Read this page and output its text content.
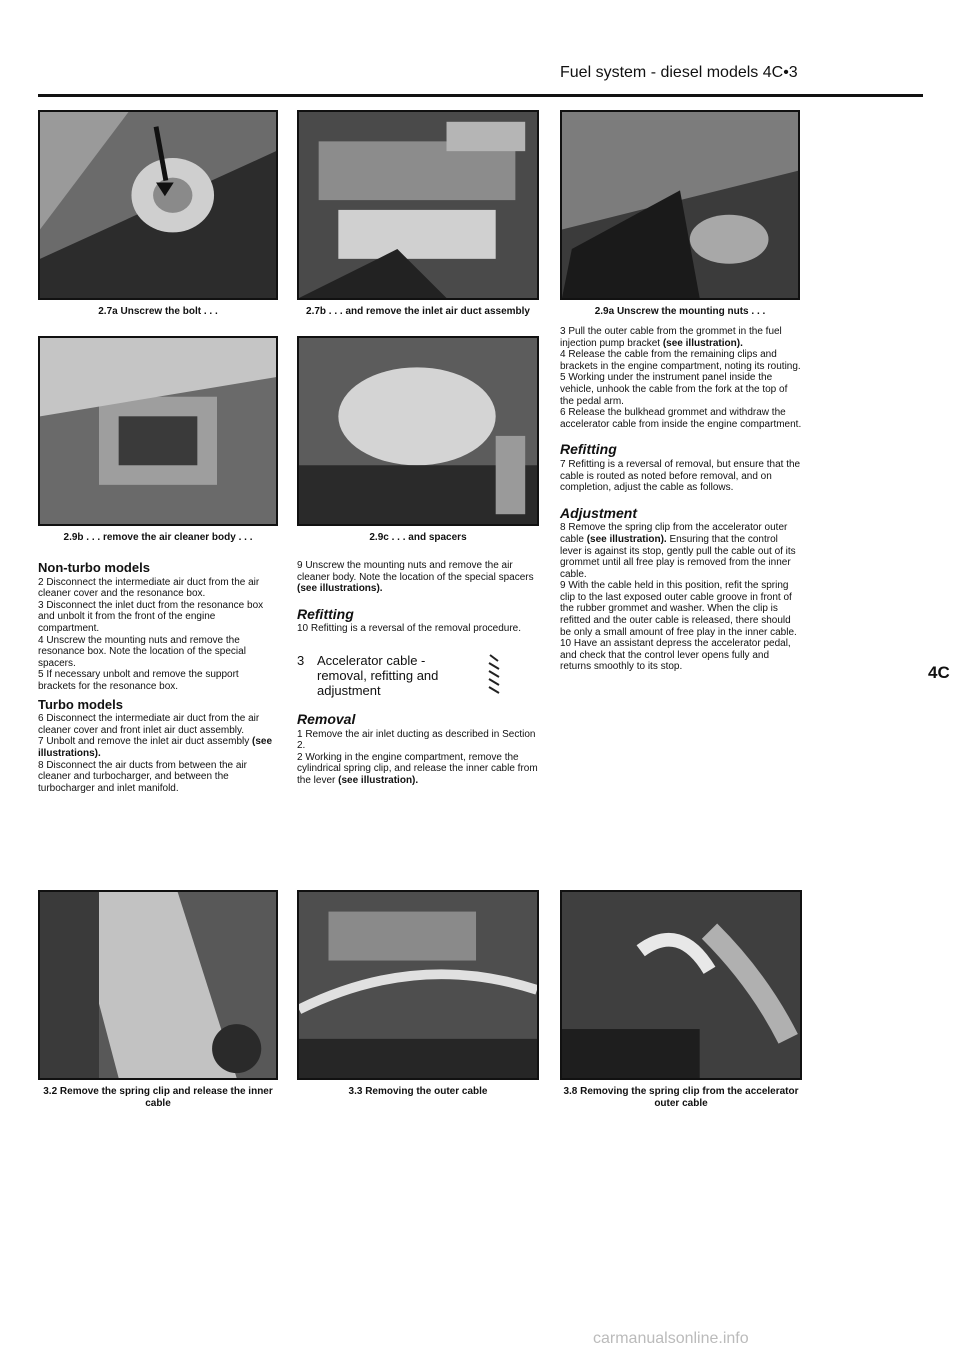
Fuel system - diesel models 4C•3
2.7a Unscrew the bolt . . .	2.7b . . . and remove the inlet air duct assembly	2.9a Unscrew the mounting nuts . . .
2.9b . . . remove the air cleaner body . . .	2.9c . . . and spacers
Non-turbo models

2 Disconnect the intermediate air duct from the air cleaner cover and the resonance box.

3 Disconnect the inlet duct from the resonance box and unbolt it from the front of the engine compartment.

4 Unscrew the mounting nuts and remove the resonance box. Note the location of the special spacers.

5 If necessary unbolt and remove the support brackets for the resonance box.

Turbo models

6 Disconnect the intermediate air duct from the air cleaner cover and front inlet air duct assembly.

7 Unbolt and remove the inlet air duct assembly (see illustrations).

8 Disconnect the air ducts from between the air cleaner and turbocharger, and between the turbocharger and inlet manifold.

9 Unscrew the mounting nuts and remove the air cleaner body. Note the location of the special spacers (see illustrations).

Refitting

10 Refitting is a reversal of the removal procedure.

3 Accelerator cable - removal, refitting and adjustment
Removal

1 Remove the air inlet ducting as described in Section 2.

2 Working in the engine compartment, remove the cylindrical spring clip, and release the inner cable from the lever (see illustration).

3 Pull the outer cable from the grommet in the fuel injection pump bracket (see illustration).

4 Release the cable from the remaining clips and brackets in the engine compartment, noting its routing.

5 Working under the instrument panel inside the vehicle, unhook the cable from the fork at the top of the pedal arm.

6 Release the bulkhead grommet and withdraw the accelerator cable from inside the engine compartment.

Refitting

7 Refitting is a reversal of removal, but ensure that the cable is routed as noted before removal, and on completion, adjust the cable as follows.

Adjustment

8 Remove the spring clip from the accelerator outer cable (see illustration). Ensuring that the control lever is against its stop, gently pull the cable out of its grommet until all free play is removed from the inner cable.

9 With the cable held in this position, refit the spring clip to the last exposed outer cable groove in front of the rubber grommet and washer. When the clip is refitted and the outer cable is released, there should be only a small amount of free play in the inner cable.

10 Have an assistant depress the accelerator pedal, and check that the control lever opens fully and returns smoothly to its stop.	4C
3.2 Remove the spring clip and release the inner cable
3.3 Removing the outer cable	3.8 Removing the spring clip from the accelerator outer cable
carmanualsonline.info
